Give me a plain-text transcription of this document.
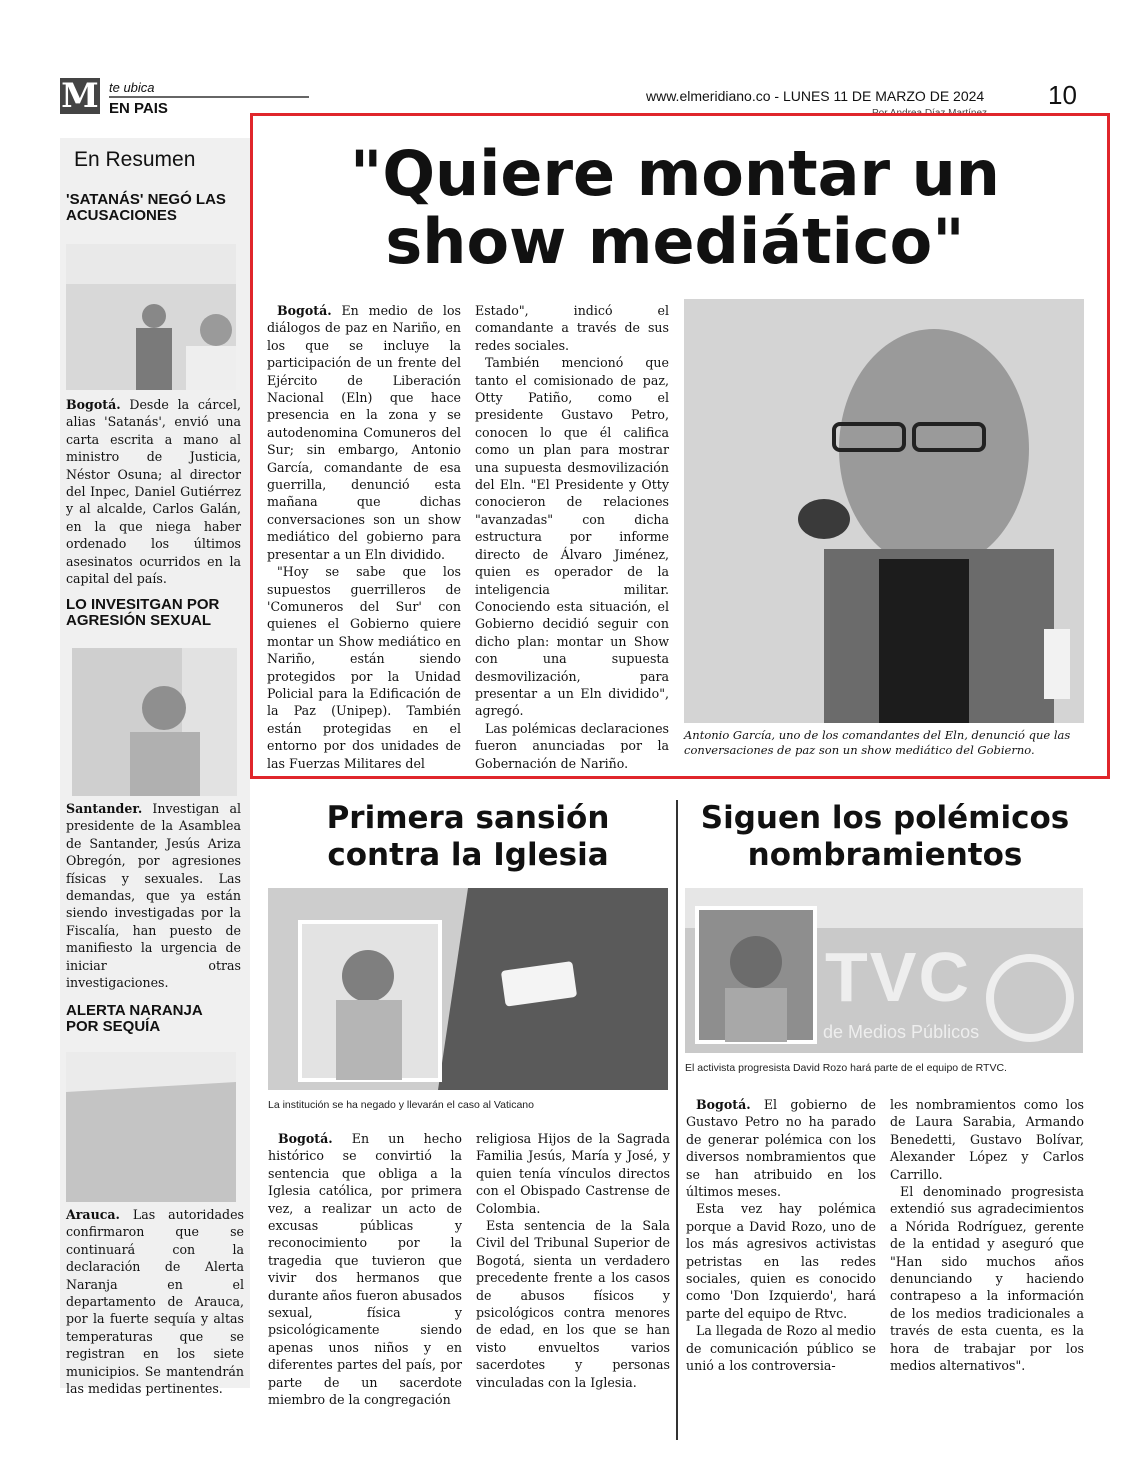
M te ubica
EN PAIS
www.elmeridiano.co - LUNES 11 DE MARZO DE 2024 10
Por Andrea Díaz Martínez
En Resumen
'SATANÁS' NEGÓ LAS ACUSACIONES
Bogotá. Desde la cárcel, alias 'Satanás', envió una carta escrita a mano al ministro de Justicia, Néstor Osuna; al director del Inpec, Daniel Gutiérrez y al alcalde, Carlos Galán, en la que niega haber ordenado los últimos asesinatos ocurridos en la capital del país.
LO INVESITGAN POR AGRESIÓN SEXUAL
Santander. Investigan al presidente de la Asamblea de Santander, Jesús Ariza Obregón, por agresiones físicas y sexuales. Las demandas, que ya están siendo investigadas por la Fiscalía, han puesto de manifiesto la urgencia de iniciar otras investigaciones.
ALERTA NARANJA POR SEQUÍA
Arauca. Las autoridades confirmaron que se continuará con la declaración de Alerta Naranja en el departamento de Arauca, por la fuerte sequía y altas temperaturas que se registran en los siete municipios. Se mantendrán las medidas pertinentes.
"Quiere montar un show mediático"

Bogotá. En medio de los diálogos de paz en Nariño, en los que se incluye la participación de un frente del Ejército de Liberación Nacional (Eln) que hace presencia en la zona y se autodenomina Comuneros del Sur; sin embargo, Antonio García, comandante de esa guerrilla, denunció esta mañana que dichas conversaciones son un show mediático del gobierno para presentar a un Eln dividido.

"Hoy se sabe que los supuestos guerrilleros de 'Comuneros del Sur' con quienes el Gobierno quiere montar un Show mediático en Nariño, están siendo protegidos por la Unidad Policial para la Edificación de la Paz (Unipep). También están protegidas en el entorno por dos unidades de las Fuerzas Militares del

Estado", indicó el comandante a través de sus redes sociales.

También mencionó que tanto el comisionado de paz, Otty Patiño, como el presidente Gustavo Petro, conocen lo que él califica como un plan para mostrar una supuesta desmovilización del Eln. "El Presidente y Otty conocieron de relaciones "avanzadas" con dicha estructura por informe directo de Álvaro Jiménez, quien es operador de la inteligencia militar. Conociendo esta situación, el Gobierno decidió seguir con dicho plan: montar un Show con una supuesta desmovilización, para presentar a un Eln dividido", agregó.

Las polémicas declaraciones fueron anunciadas por la Gobernación de Nariño.

Antonio García, uno de los comandantes del Eln, denunció que las conversaciones de paz son un show mediático del Gobierno.
Primera sansión contra la Iglesia
La institución se ha negado y llevarán el caso al Vaticano

Bogotá. En un hecho histórico se convirtió la sentencia que obliga a la Iglesia católica, por primera vez, a realizar un acto de excusas públicas y reconocimiento por la tragedia que tuvieron que vivir dos hermanos que durante años fueron abusados sexual, física y psicológicamente siendo apenas unos niños y en diferentes partes del país, por parte de un sacerdote miembro de la congregación

religiosa Hijos de la Sagrada Familia Jesús, María y José, y quien tenía vínculos directos con el Obispado Castrense de Colombia.

Esta sentencia de la Sala Civil del Tribunal Superior de Bogotá, sienta un verdadero precedente frente a los casos de abusos físicos y psicológicos contra menores de edad, en los que se han visto envueltos varios sacerdotes y personas vinculadas con la Iglesia.

Siguen los polémicos nombramientos
TVC
de Medios Públicos
El activista progresista David Rozo hará parte de el equipo de RTVC.

Bogotá. El gobierno de Gustavo Petro no ha parado de generar polémica con los diversos nombramientos que se han atribuido en los últimos meses.

Esta vez hay polémica porque a David Rozo, uno de los más agresivos activistas petristas en las redes sociales, quien es conocido como 'Don Izquierdo', hará parte del equipo de Rtvc.

La llegada de Rozo al medio de comunicación público se unió a los controversia-

les nombramientos como los de Laura Sarabia, Armando Benedetti, Gustavo Bolívar, Alexander López y Carlos Carrillo.

El denominado progresista extendió sus agradecimientos a Nórida Rodríguez, gerente de la entidad y aseguró que "Han sido muchos años denunciando y haciendo contrapeso a la información de los medios tradicionales a través de esta cuenta, es la hora de trabajar por los medios alternativos".
